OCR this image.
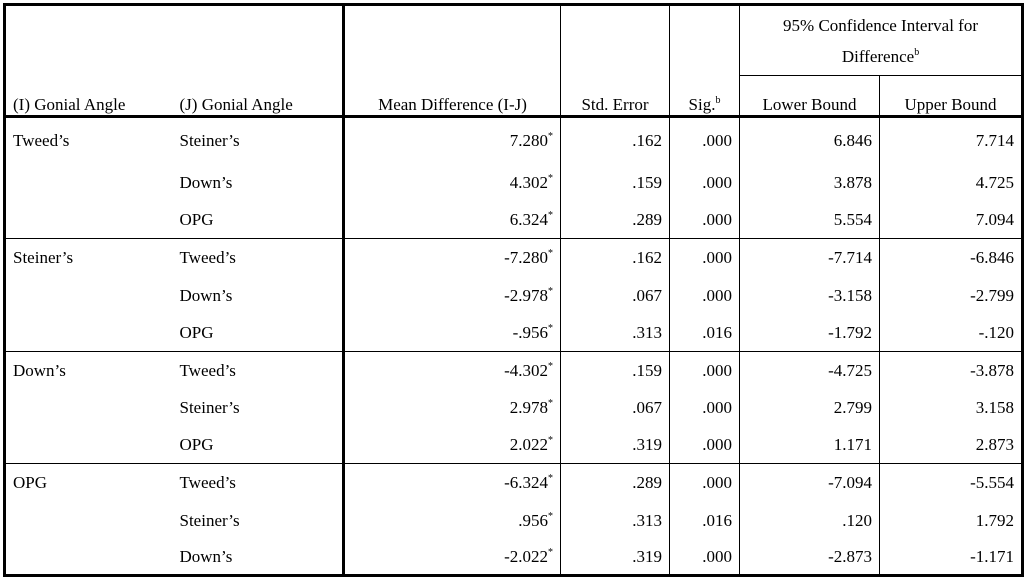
(I) Gonial Angle	(J) Gonial Angle	Mean Difference (I-J)	Std. Error	Sig.$^b$	95% Confidence Interval for
Difference$^b$

					Lower Bound	Upper Bound
Tweed’s	Steiner’s	7.280*	.162	.000	6.846	7.714
	Down’s	4.302*	.159	.000	3.878	4.725
	OPG	6.324*	.289	.000	5.554	7.094
Steiner’s	Tweed’s	-7.280*	.162	.000	-7.714	-6.846
	Down’s	-2.978*	.067	.000	-3.158	-2.799
	OPG	-.956*	.313	.016	-1.792	-.120
Down’s	Tweed’s	-4.302*	.159	.000	-4.725	-3.878
	Steiner’s	2.978*	.067	.000	2.799	3.158
	OPG	2.022*	.319	.000	1.171	2.873
OPG	Tweed’s	-6.324*	.289	.000	-7.094	-5.554
	Steiner’s	.956*	.313	.016	.120	1.792
	Down’s	-2.022*	.319	.000	-2.873	-1.171
